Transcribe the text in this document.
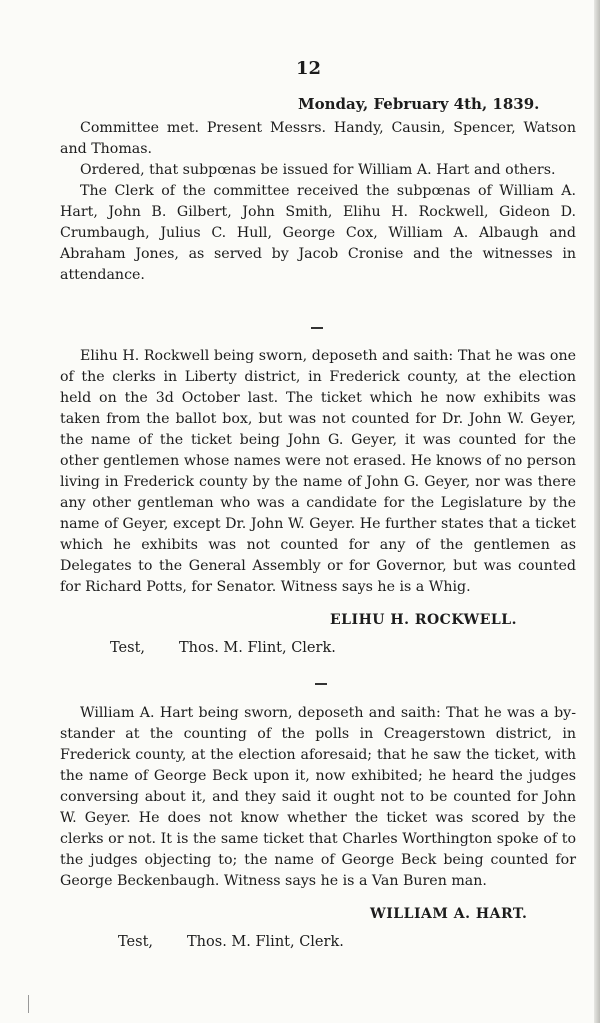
12
Monday, February 4th, 1839.

Committee met. Present Messrs. Handy, Causin, Spencer, Watson and Thomas.

Ordered, that subpœnas be issued for William A. Hart and others.

The Clerk of the committee received the subpœnas of William A. Hart, John B. Gilbert, John Smith, Elihu H. Rockwell, Gideon D. Crumbaugh, Julius C. Hull, George Cox, William A. Albaugh and Abraham Jones, as served by Jacob Cronise and the witnesses in attendance.

Elihu H. Rockwell being sworn, deposeth and saith: That he was one of the clerks in Liberty district, in Frederick county, at the election held on the 3d October last. The ticket which he now exhibits was taken from the ballot box, but was not counted for Dr. John W. Geyer, the name of the ticket being John G. Geyer, it was counted for the other gentlemen whose names were not erased. He knows of no person living in Frederick county by the name of John G. Geyer, nor was there any other gentleman who was a candidate for the Legislature by the name of Geyer, except Dr. John W. Geyer. He further states that a ticket which he exhibits was not counted for any of the gentlemen as Delegates to the General Assembly or for Governor, but was counted for Richard Potts, for Senator. Witness says he is a Whig.

ELIHU H. ROCKWELL.
Test, Thos. M. Flint, Clerk.

William A. Hart being sworn, deposeth and saith: That he was a by-stander at the counting of the polls in Creagerstown district, in Frederick county, at the election aforesaid; that he saw the ticket, with the name of George Beck upon it, now exhibited; he heard the judges conversing about it, and they said it ought not to be counted for John W. Geyer. He does not know whether the ticket was scored by the clerks or not. It is the same ticket that Charles Worthington spoke of to the judges objecting to; the name of George Beck being counted for George Beckenbaugh. Witness says he is a Van Buren man.

WILLIAM A. HART.
Test, Thos. M. Flint, Clerk.
